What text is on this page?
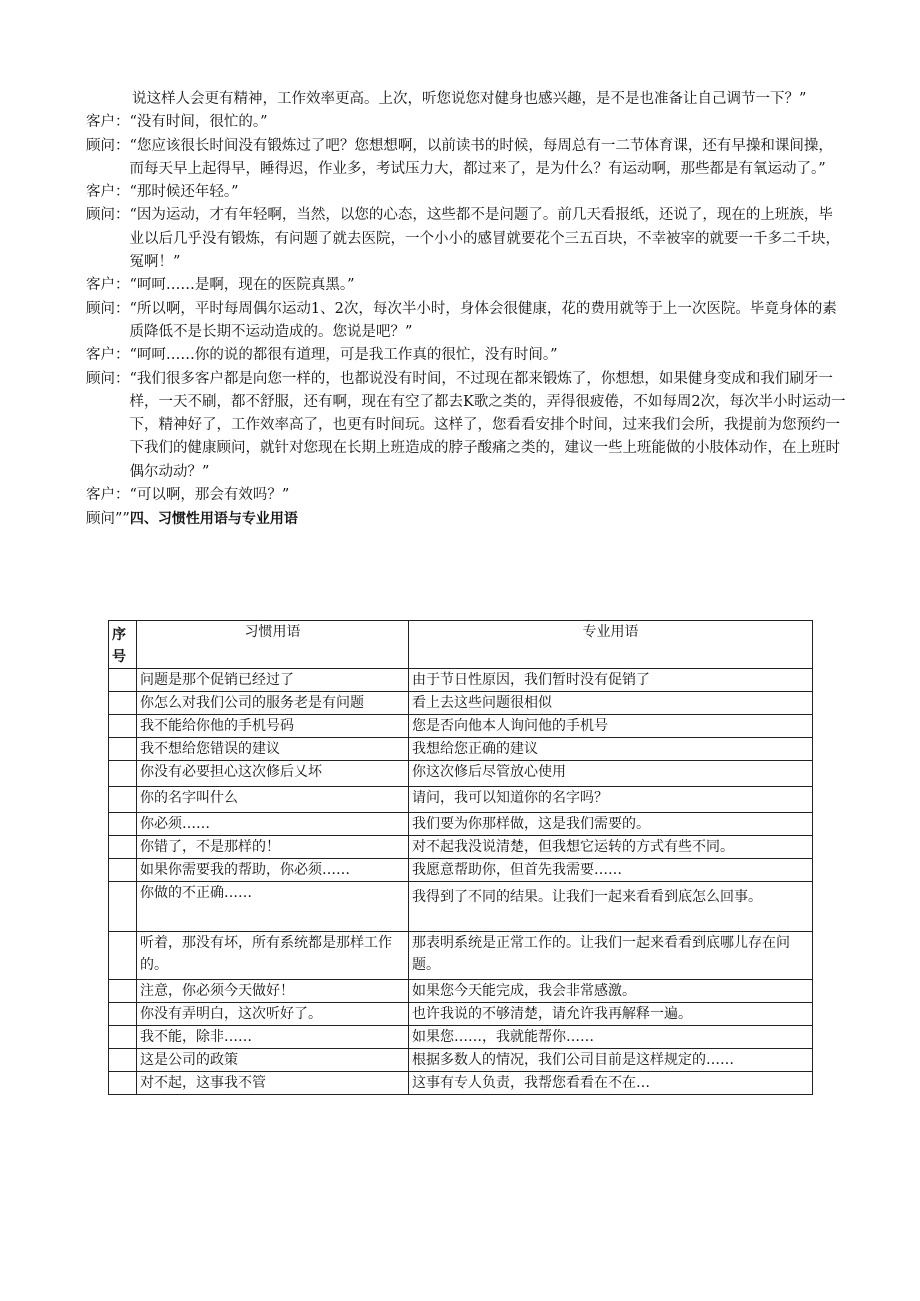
说这样人会更有精神，工作效率更高。上次，听您说您对健身也感兴趣，是不是也准备让自己调节一下？”
客户： “没有时间，很忙的。”
顾问： “您应该很长时间没有锻炼过了吧？您想想啊，以前读书的时候，每周总有一二节体育课，还有早操和课间操，而每天早上起得早，睡得迟，作业多，考试压力大，都过来了，是为什么？有运动啊，那些都是有氧运动了。”
客户： “那时候还年轻。”
顾问： “因为运动，才有年轻啊，当然，以您的心态，这些都不是问题了。前几天看报纸，还说了，现在的上班族，毕业以后几乎没有锻炼，有问题了就去医院，一个小小的感冒就要花个三五百块，不幸被宰的就要一千多二千块，冤啊！”
客户： “呵呵……是啊，现在的医院真黑。”
顾问： “所以啊，平时每周偶尔运动1、2次，每次半小时，身体会很健康，花的费用就等于上一次医院。毕竟身体的素质降低不是长期不运动造成的。您说是吧？”
客户： “呵呵……你的说的都很有道理，可是我工作真的很忙，没有时间。”
顾问： “我们很多客户都是向您一样的，也都说没有时间，不过现在都来锻炼了，你想想，如果健身变成和我们刷牙一样，一天不刷，都不舒服，还有啊，现在有空了都去K歌之类的，弄得很疲倦，不如每周2次，每次半小时运动一下，精神好了，工作效率高了，也更有时间玩。这样了，您看看安排个时间，过来我们会所，我提前为您预约一下我们的健康顾问，就针对您现在长期上班造成的脖子酸痛之类的，建议一些上班能做的小肢体动作，在上班时偶尔动动？”
客户： “可以啊，那会有效吗？”
顾问””四、习惯性用语与专业用语
序号	习惯用语	专业用语
	问题是那个促销已经过了	由于节日性原因，我们暂时没有促销了
	你怎么对我们公司的服务老是有问题	看上去这些问题很相似
	我不能给你他的手机号码	您是否向他本人询问他的手机号
	我不想给您错误的建议	我想给您正确的建议
	你没有必要担心这次修后乂坏	你这次修后尽管放心使用
	你的名字叫什么	请问，我可以知道你的名字吗？
	你必须……	我们要为你那样做，这是我们需要的。
	你错了，不是那样的！	对不起我没说清楚，但我想它运转的方式有些不同。
	如果你需要我的帮助，你必须……	我愿意帮助你，但首先我需要……
	你做的不正确……	我得到了不同的结果。让我们一起来看看到底怎么回事。
	听着，那没有坏，所有系统都是那样工作的。	那表明系统是正常工作的。让我们一起来看看到底哪儿存在问题。
	注意，你必须今天做好！	如果您今天能完成，我会非常感激。
	你没有弄明白，这次听好了。	也许我说的不够清楚，请允许我再解释一遍。
	我不能，除非……	如果您……，我就能帮你……
	这是公司的政策	根据多数人的情况，我们公司目前是这样规定的……
	对不起，这事我不管	这事有专人负责，我帮您看看在不在…
